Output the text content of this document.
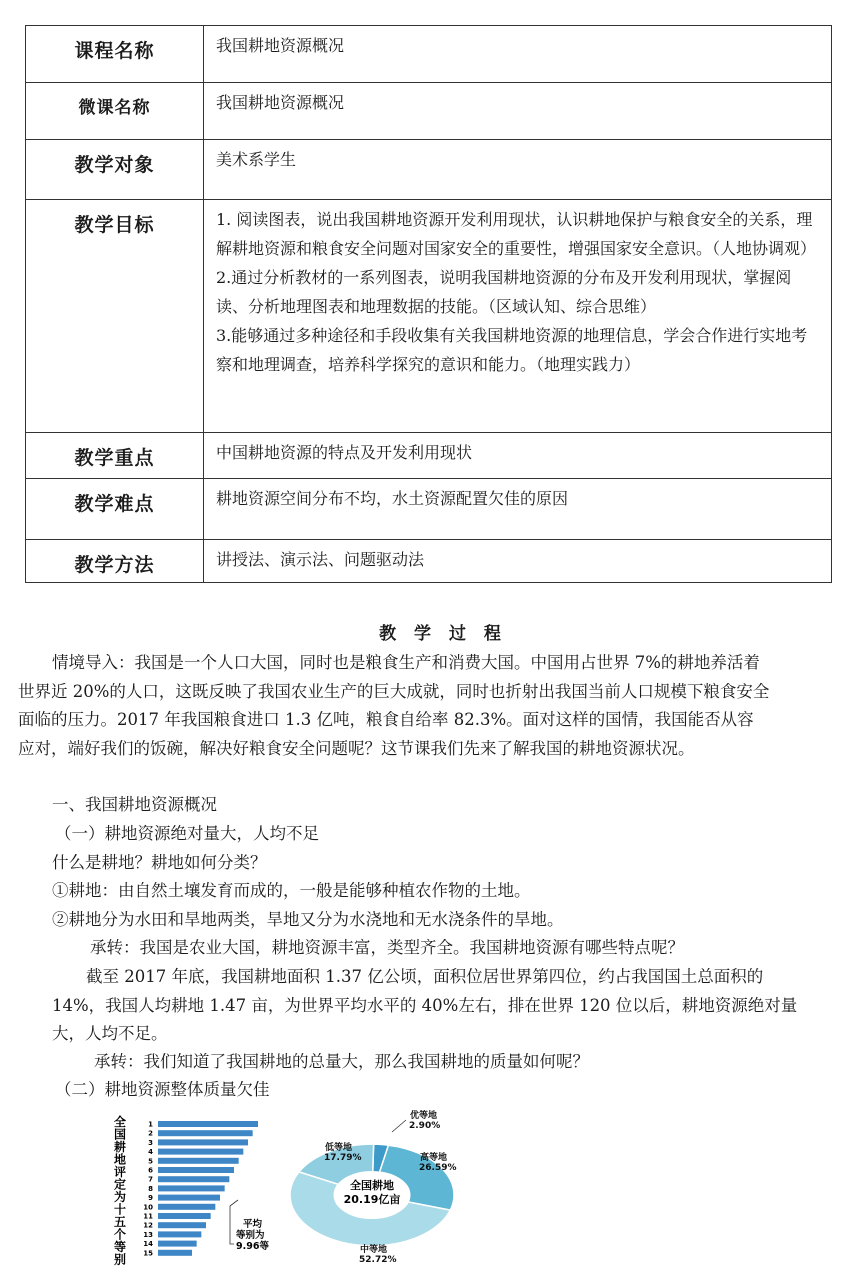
课程名称	我国耕地资源概况
微课名称	我国耕地资源概况
教学对象	美术系学生
教学目标	1. 阅读图表，说出我国耕地资源开发利用现状，认识耕地保护与粮食安全的关系，理解耕地资源和粮食安全问题对国家安全的重要性，增强国家安全意识。（人地协调观）

2.通过分析教材的一系列图表，说明我国耕地资源的分布及开发利用现状，掌握阅读、分析地理图表和地理数据的技能。（区域认知、综合思维）

3.能够通过多种途径和手段收集有关我国耕地资源的地理信息，学会合作进行实地考察和地理调查，培养科学探究的意识和能力。（地理实践力）

教学重点	中国耕地资源的特点及开发利用现状
教学难点	耕地资源空间分布不均，水土资源配置欠佳的原因
教学方法	讲授法、演示法、问题驱动法
教 学 过 程

情境导入：我国是一个人口大国，同时也是粮食生产和消费大国。中国用占世界 7%的耕地养活着世界近 20%的人口，这既反映了我国农业生产的巨大成就，同时也折射出我国当前人口规模下粮食安全面临的压力。2017 年我国粮食进口 1.3 亿吨，粮食自给率 82.3%。面对这样的国情，我国能否从容应对，端好我们的饭碗，解决好粮食安全问题呢？这节课我们先来了解我国的耕地资源状况。

一、我国耕地资源概况

（一）耕地资源绝对量大，人均不足

什么是耕地？耕地如何分类？

①耕地：由自然土壤发育而成的，一般是能够种植农作物的土地。

②耕地分为水田和旱地两类，旱地又分为水浇地和无水浇条件的旱地。

承转：我国是农业大国，耕地资源丰富，类型齐全。我国耕地资源有哪些特点呢？

截至 2017 年底，我国耕地面积 1.37 亿公顷，面积位居世界第四位，约占我国国土总面积的 14%，我国人均耕地 1.47 亩，为世界平均水平的 40%左右，排在世界 120 位以后，耕地资源绝对量大，人均不足。

承转：我们知道了我国耕地的总量大，那么我国耕地的质量如何呢？

（二）耕地资源整体质量欠佳

全
国
耕
地
评
定
为
十
五
个
等
别
1
2
3
4
5
6
7
8
9
10
11
12
13
14
15
平均
等别为
9.96等
优等地
2.90%
高等地
26.59%
中等地
52.72%
低等地
17.79%
全国耕地
20.19亿亩
